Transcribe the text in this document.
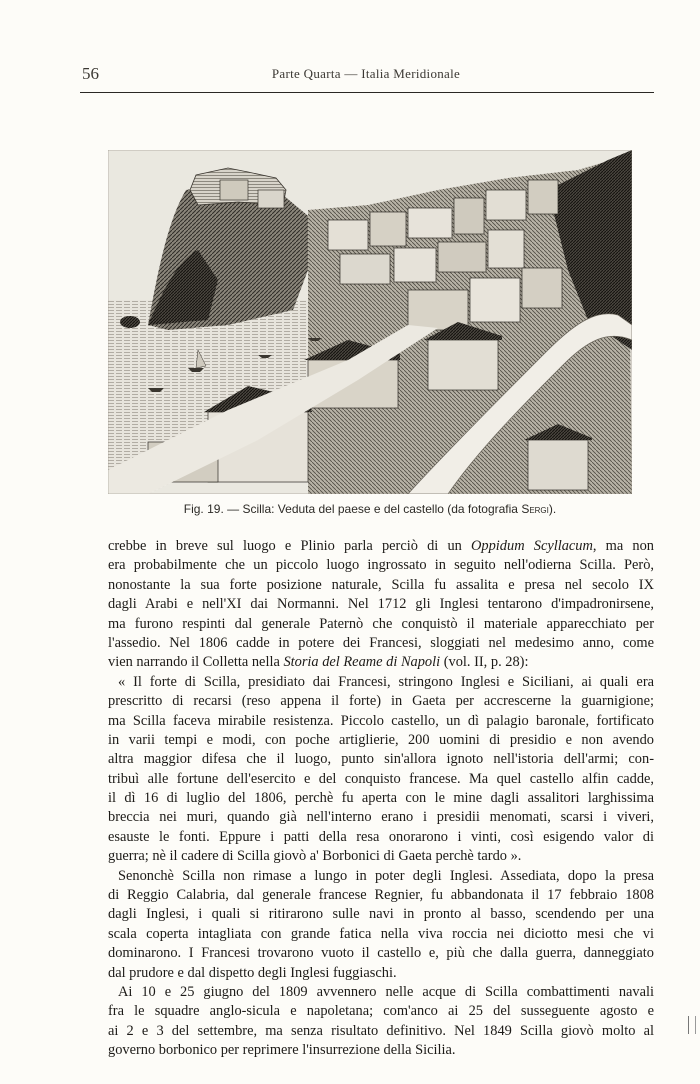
56	Parte Quarta — Italia Meridionale
Fig. 19. — Scilla: Veduta del paese e del castello (da fotografia Sergi).
crebbe in breve sul luogo e Plinio parla perciò di un Oppidum Scyllacum, ma non
era probabilmente che un piccolo luogo ingrossato in seguito nell'odierna Scilla. Però,
nonostante la sua forte posizione naturale, Scilla fu assalita e presa nel secolo IX
dagli Arabi e nell'XI dai Normanni. Nel 1712 gli Inglesi tentarono d'impadronirsene,
ma furono respinti dal generale Paternò che conquistò il materiale apparecchiato per
l'assedio. Nel 1806 cadde in potere dei Francesi, sloggiati nel medesimo anno, come
vien narrando il Colletta nella Storia del Reame di Napoli (vol. II, p. 28):
« Il forte di Scilla, presidiato dai Francesi, stringono Inglesi e Siciliani, ai quali era
prescritto di recarsi (reso appena il forte) in Gaeta per accrescerne la guarnigione;
ma Scilla faceva mirabile resistenza. Piccolo castello, un dì palagio baronale, fortificato
in varii tempi e modi, con poche artiglierie, 200 uomini di presidio e non avendo
altra maggior difesa che il luogo, punto sin'allora ignoto nell'istoria dell'armi; con-
tribuì alle fortune dell'esercito e del conquisto francese. Ma quel castello alfin cadde,
il dì 16 di luglio del 1806, perchè fu aperta con le mine dagli assalitori larghissima
breccia nei muri, quando già nell'interno erano i presidii menomati, scarsi i viveri,
esauste le fonti. Eppure i patti della resa onorarono i vinti, così esigendo valor di
guerra; nè il cadere di Scilla giovò a' Borbonici di Gaeta perchè tardo ».
Senonchè Scilla non rimase a lungo in poter degli Inglesi. Assediata, dopo la presa
di Reggio Calabria, dal generale francese Regnier, fu abbandonata il 17 febbraio 1808
dagli Inglesi, i quali si ritirarono sulle navi in pronto al basso, scendendo per una
scala coperta intagliata con grande fatica nella viva roccia nei diciotto mesi che vi
dominarono. I Francesi trovarono vuoto il castello e, più che dalla guerra, danneggiato
dal prudore e dal dispetto degli Inglesi fuggiaschi.
Ai 10 e 25 giugno del 1809 avvennero nelle acque di Scilla combattimenti navali
fra le squadre anglo-sicula e napoletana; com'anco ai 25 del susseguente agosto e
ai 2 e 3 del settembre, ma senza risultato definitivo. Nel 1849 Scilla giovò molto al
governo borbonico per reprimere l'insurrezione della Sicilia.
